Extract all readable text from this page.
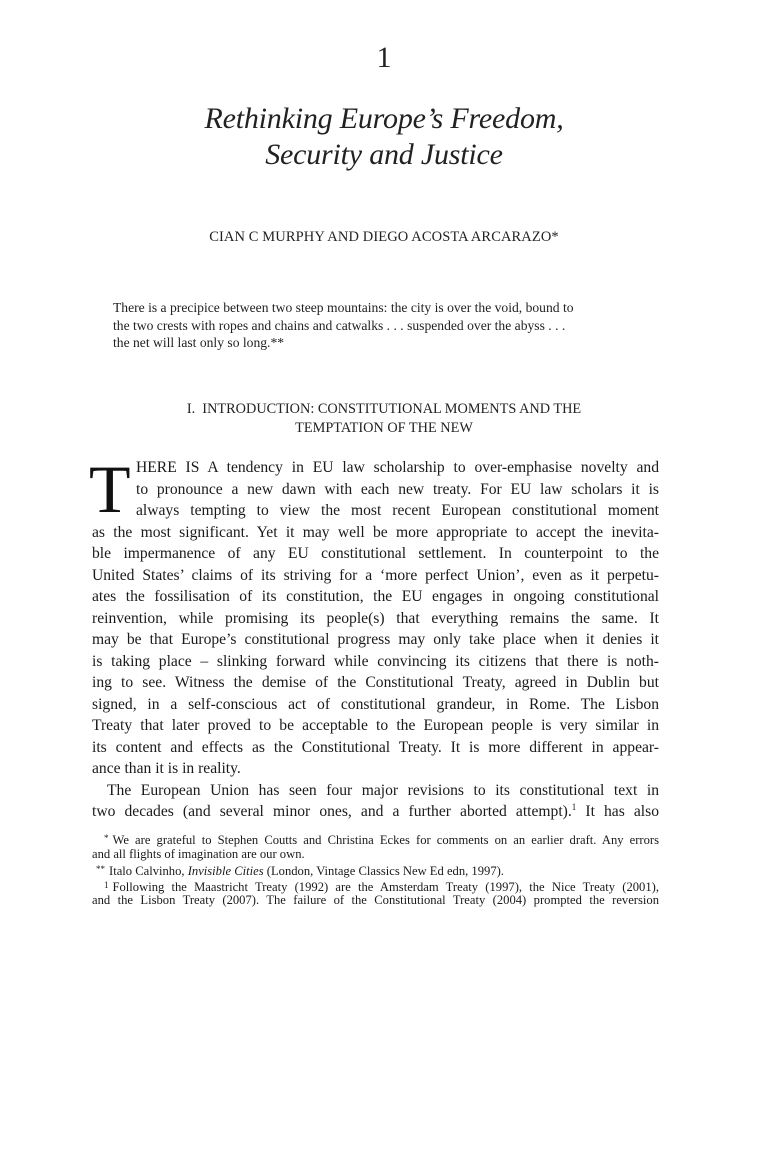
1
Rethinking Europe’s Freedom,
Security and Justice
CIAN C MURPHY AND DIEGO ACOSTA ARCARAZO*
There is a precipice between two steep mountains: the city is over the void, bound to
the two crests with ropes and chains and catwalks . . . suspended over the abyss . . .
the net will last only so long.**
I.  INTRODUCTION: CONSTITUTIONAL MOMENTS AND THE
TEMPTATION OF THE NEW
T HERE IS A tendency in EU law scholarship to over-emphasise novelty and
to pronounce a new dawn with each new treaty. For EU law scholars it is
always tempting to view the most recent European constitutional moment
as the most significant. Yet it may well be more appropriate to accept the inevita-
ble impermanence of any EU constitutional settlement. In counterpoint to the
United States’ claims of its striving for a ‘more perfect Union’, even as it perpetu-
ates the fossilisation of its constitution, the EU engages in ongoing constitutional
reinvention, while promising its people(s) that everything remains the same. It
may be that Europe’s constitutional progress may only take place when it denies it
is taking place – slinking forward while convincing its citizens that there is noth-
ing to see. Witness the demise of the Constitutional Treaty, agreed in Dublin but
signed, in a self-conscious act of constitutional grandeur, in Rome. The Lisbon
Treaty that later proved to be acceptable to the European people is very similar in
its content and effects as the Constitutional Treaty. It is more different in appear-
ance than it is in reality.
The European Union has seen four major revisions to its constitutional text in
two decades (and several minor ones, and a further aborted attempt).$^1$ It has also
* We are grateful to Stephen Coutts and Christina Eckes for comments on an earlier draft. Any errors
and all flights of imagination are our own.
** Italo Calvinho, Invisible Cities (London, Vintage Classics New Ed edn, 1997).
$^1$ Following the Maastricht Treaty (1992) are the Amsterdam Treaty (1997), the Nice Treaty (2001),
and the Lisbon Treaty (2007). The failure of the Constitutional Treaty (2004) prompted the reversion
